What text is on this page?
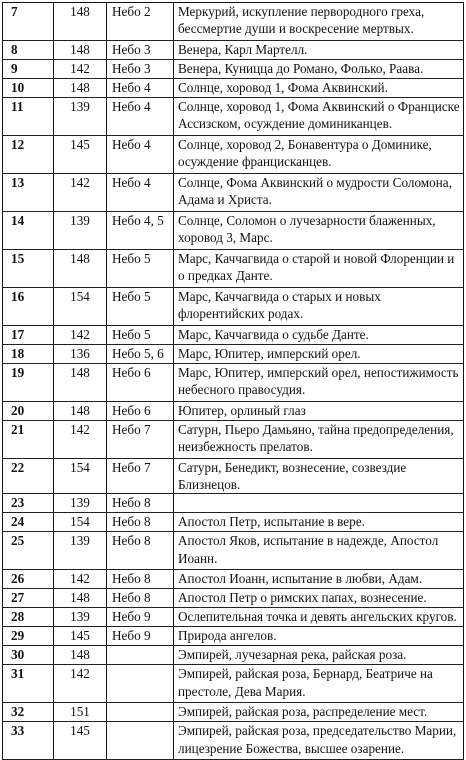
7	148	Небо 2	Меркурий, искупление первородного греха, бессмертие души и воскресение мертвых.
8	148	Небо 3	Венера, Карл Мартелл.
9	142	Небо 3	Венера, Куницца до Романо, Фолько, Раава.
10	148	Небо 4	Солнце, хоровод 1, Фома Аквинский.
11	139	Небо 4	Солнце, хоровод 1, Фома Аквинский о Франциске Ассизском, осуждение доминиканцев.
12	145	Небо 4	Солнце, хоровод 2, Бонавентура о Доминике, осуждение францисканцев.
13	142	Небо 4	Солнце, Фома Аквинский о мудрости Соломона, Адама и Христа.
14	139	Небо 4, 5	Солнце, Соломон о лучезарности блаженных, хоровод 3, Марс.
15	148	Небо 5	Марс, Каччагвида о старой и новой Флоренции и о предках Данте.
16	154	Небо 5	Марс, Каччагвида о старых и новых флорентийских родах.
17	142	Небо 5	Марс, Каччагвида о судьбе Данте.
18	136	Небо 5, 6	Марс, Юпитер, имперский орел.
19	148	Небо 6	Марс, Юпитер, имперский орел, непостижимость небесного правосудия.
20	148	Небо 6	Юпитер, орлиный глаз
21	142	Небо 7	Сатурн, Пьеро Дамьяно, тайна предопределения, неизбежность прелатов.
22	154	Небо 7	Сатурн, Бенедикт, вознесение, созвездие Близнецов.
23	139	Небо 8	
24	154	Небо 8	Апостол Петр, испытание в вере.
25	139	Небо 8	Апостол Яков, испытание в надежде, Апостол Иоанн.
26	142	Небо 8	Апостол Иоанн, испытание в любви, Адам.
27	148	Небо 8	Апостол Петр о римских папах, вознесение.
28	139	Небо 9	Ослепительная точка и девять ангельских кругов.
29	145	Небо 9	Природа ангелов.
30	148		Эмпирей, лучезарная река, райская роза.
31	142		Эмпирей, райская роза, Бернард, Беатриче на престоле, Дева Мария.
32	151		Эмпирей, райская роза, распределение мест.
33	145		Эмпирей, райская роза, председательство Марии, лицезрение Божества, высшее озарение.
